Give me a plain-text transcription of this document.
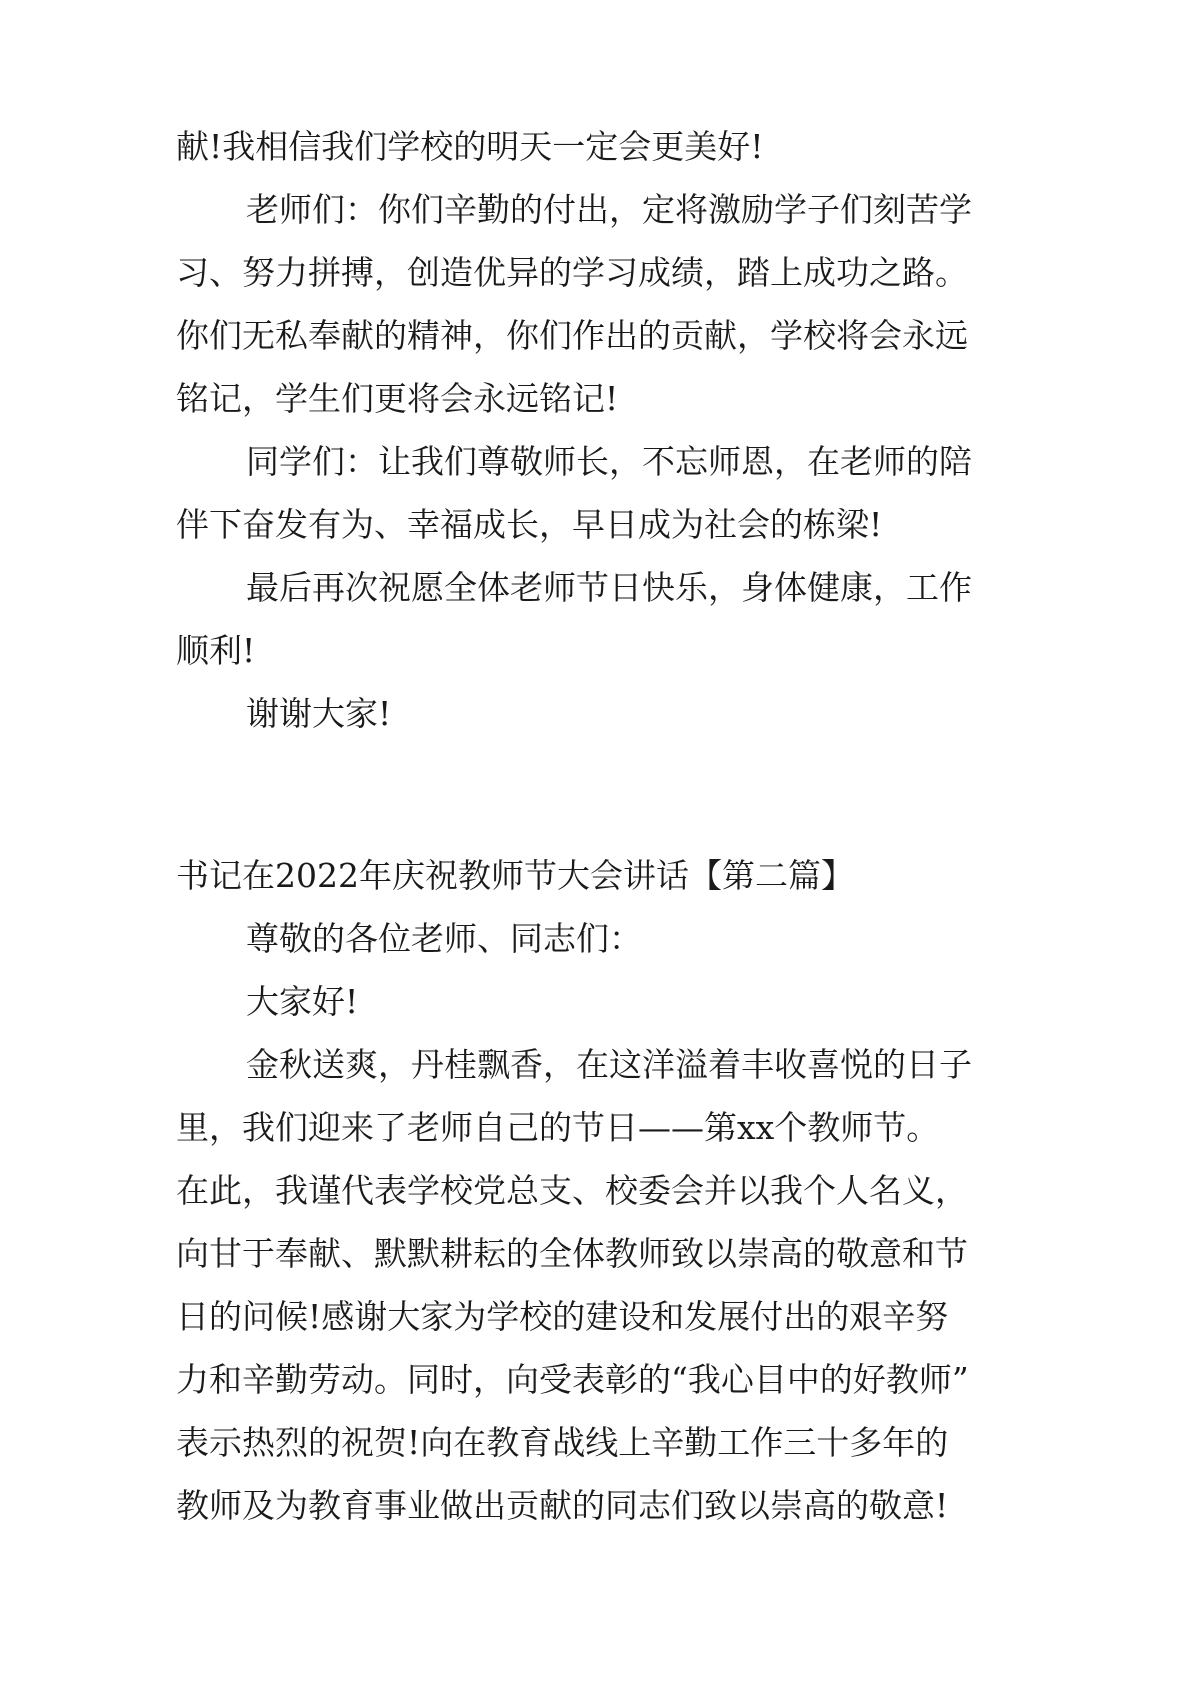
献!我相信我们学校的明天一定会更美好!
老师们：你们辛勤的付出，定将激励学子们刻苦学
习、努力拼搏，创造优异的学习成绩，踏上成功之路。
你们无私奉献的精神，你们作出的贡献，学校将会永远
铭记，学生们更将会永远铭记!
同学们：让我们尊敬师长，不忘师恩，在老师的陪
伴下奋发有为、幸福成长，早日成为社会的栋梁!
最后再次祝愿全体老师节日快乐，身体健康，工作
顺利!
谢谢大家!
书记在2022年庆祝教师节大会讲话【第二篇】
尊敬的各位老师、同志们：
大家好!
金秋送爽，丹桂飘香，在这洋溢着丰收喜悦的日子
里，我们迎来了老师自己的节日——第xx个教师节。
在此，我谨代表学校党总支、校委会并以我个人名义，
向甘于奉献、默默耕耘的全体教师致以崇高的敬意和节
日的问候!感谢大家为学校的建设和发展付出的艰辛努
力和辛勤劳动。同时，向受表彰的“我心目中的好教师”
表示热烈的祝贺!向在教育战线上辛勤工作三十多年的
教师及为教育事业做出贡献的同志们致以崇高的敬意!
